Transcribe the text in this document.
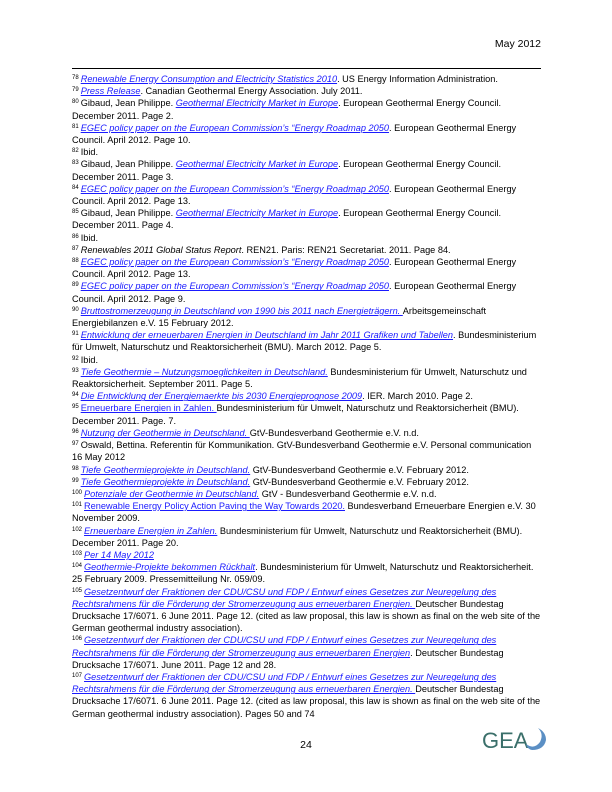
May 2012

$^{78}$ Renewable Energy Consumption and Electricity Statistics 2010. US Energy Information Administration.

$^{79}$ Press Release. Canadian Geothermal Energy Association. July 2011.

$^{80}$ Gibaud, Jean Philippe. Geothermal Electricity Market in Europe. European Geothermal Energy Council. December 2011. Page 2.

$^{81}$ EGEC policy paper on the European Commission’s “Energy Roadmap 2050. European Geothermal Energy Council. April 2012. Page 10.

$^{82}$ Ibid.

$^{83}$ Gibaud, Jean Philippe. Geothermal Electricity Market in Europe. European Geothermal Energy Council. December 2011. Page 3.

$^{84}$ EGEC policy paper on the European Commission’s “Energy Roadmap 2050. European Geothermal Energy Council. April 2012. Page 13.

$^{85}$ Gibaud, Jean Philippe. Geothermal Electricity Market in Europe. European Geothermal Energy Council. December 2011. Page 4.

$^{86}$ Ibid.

$^{87}$ Renewables 2011 Global Status Report. REN21. Paris: REN21 Secretariat. 2011. Page 84.

$^{88}$ EGEC policy paper on the European Commission’s “Energy Roadmap 2050. European Geothermal Energy Council. April 2012. Page 13.

$^{89}$ EGEC policy paper on the European Commission’s “Energy Roadmap 2050. European Geothermal Energy Council. April 2012. Page 9.

$^{90}$ Bruttostromerzeugung in Deutschland von 1990 bis 2011 nach Energieträgern. Arbeitsgemeinschaft Energiebilanzen e.V. 15 February 2012.

$^{91}$ Entwicklung der erneuerbaren Energien in Deutschland im Jahr 2011 Grafiken und Tabellen. Bundesministerium für Umwelt, Naturschutz und Reaktorsicherheit (BMU). March 2012. Page 5.

$^{92}$ Ibid.

$^{93}$ Tiefe Geothermie – Nutzungsmoeglichkeiten in Deutschland. Bundesministerium für Umwelt, Naturschutz und Reaktorsicherheit. September 2011. Page 5.

$^{94}$ Die Entwicklung der Energiemaerkte bis 2030 Energieprognose 2009. IER. March 2010. Page 2.

$^{95}$ Erneuerbare Energien in Zahlen. Bundesministerium für Umwelt, Naturschutz und Reaktorsicherheit (BMU). December 2011. Page. 7.

$^{96}$ Nutzung der Geothermie in Deutschland. GtV-Bundesverband Geothermie e.V. n.d.

$^{97}$ Oswald, Bettina. Referentin für Kommunikation. GtV-Bundesverband Geothermie e.V. Personal communication 16 May 2012

$^{98}$ Tiefe Geothermieprojekte in Deutschland. GtV-Bundesverband Geothermie e.V. February 2012.

$^{99}$ Tiefe Geothermieprojekte in Deutschland. GtV-Bundesverband Geothermie e.V. February 2012.

$^{100}$ Potenziale der Geothermie in Deutschland. GtV - Bundesverband Geothermie e.V. n.d.

$^{101}$ Renewable Energy Policy Action Paving the Way Towards 2020. Bundesverband Erneuerbare Energien e.V. 30 November 2009.

$^{102}$ Erneuerbare Energien in Zahlen. Bundesministerium für Umwelt, Naturschutz und Reaktorsicherheit (BMU). December 2011. Page 20.

$^{103}$ Per 14 May 2012

$^{104}$ Geothermie-Projekte bekommen Rückhalt. Bundesministerium für Umwelt, Naturschutz und Reaktorsicherheit. 25 February 2009. Pressemitteilung Nr. 059/09.

$^{105}$ Gesetzentwurf der Fraktionen der CDU/CSU und FDP / Entwurf eines Gesetzes zur Neuregelung des Rechtsrahmens für die Förderung der Stromerzeugung aus erneuerbaren Energien. Deutscher Bundestag Drucksache 17/6071. 6 June 2011. Page 12. (cited as law proposal, this law is shown as final on the web site of the German geothermal industry association).

$^{106}$ Gesetzentwurf der Fraktionen der CDU/CSU und FDP / Entwurf eines Gesetzes zur Neuregelung des Rechtsrahmens für die Förderung der Stromerzeugung aus erneuerbaren Energien. Deutscher Bundestag Drucksache 17/6071. June 2011. Page 12 and 28.

$^{107}$ Gesetzentwurf der Fraktionen der CDU/CSU und FDP / Entwurf eines Gesetzes zur Neuregelung des Rechtsrahmens für die Förderung der Stromerzeugung aus erneuerbaren Energien. Deutscher Bundestag Drucksache 17/6071. 6 June 2011. Page 12. (cited as law proposal, this law is shown as final on the web site of the German geothermal industry association). Pages 50 and 74

24	GEA
